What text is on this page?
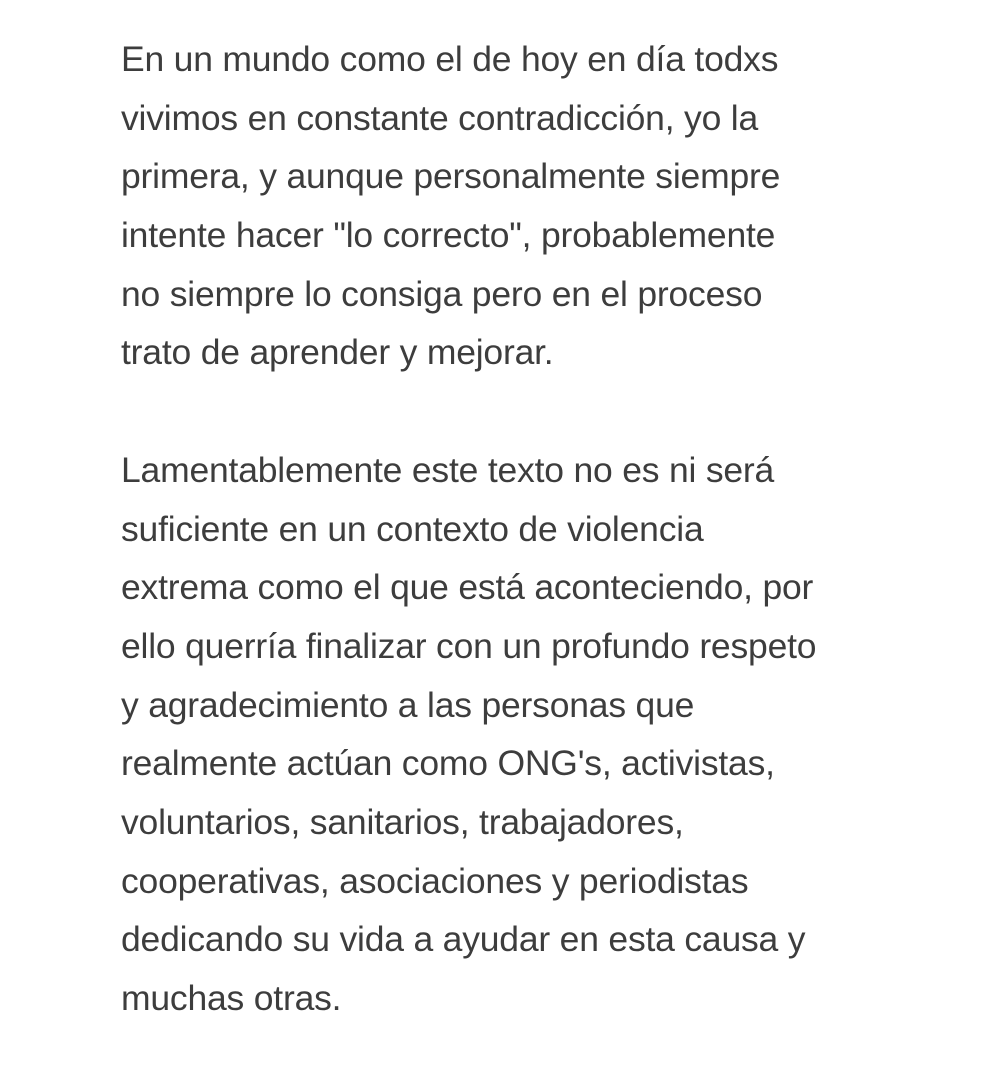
En un mundo como el de hoy en día todxs
vivimos en constante contradicción, yo la
primera, y aunque personalmente siempre
intente hacer "lo correcto", probablemente
no siempre lo consiga pero en el proceso
trato de aprender y mejorar.

Lamentablemente este texto no es ni será
suficiente en un contexto de violencia
extrema como el que está aconteciendo, por
ello querría finalizar con un profundo respeto
y agradecimiento a las personas que
realmente actúan como ONG's, activistas,
voluntarios, sanitarios, trabajadores,
cooperativas, asociaciones y periodistas
dedicando su vida a ayudar en esta causa y
muchas otras.
